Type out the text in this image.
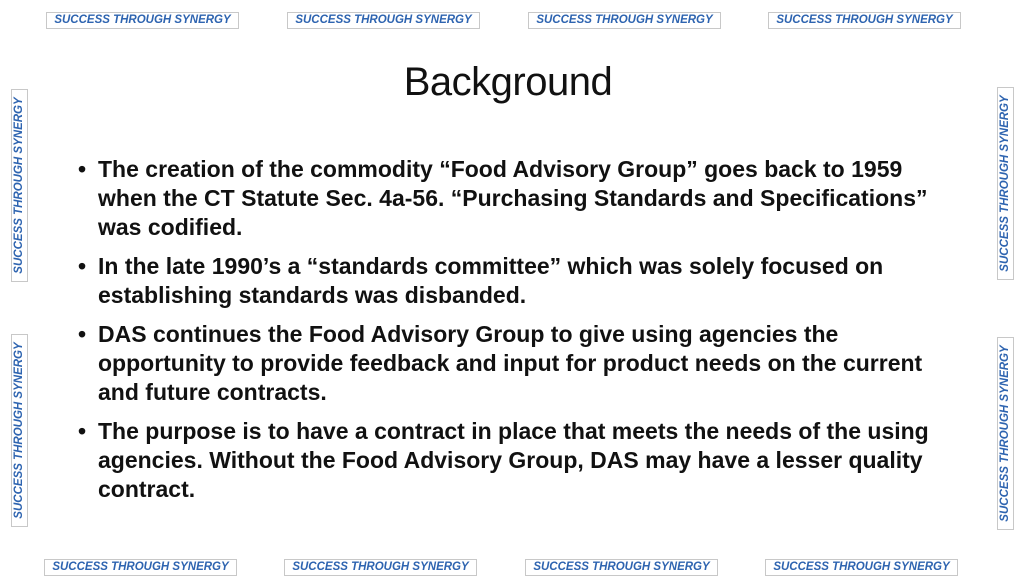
SUCCESS THROUGH SYNERGY	SUCCESS THROUGH SYNERGY	SUCCESS THROUGH SYNERGY	SUCCESS THROUGH SYNERGY
SUCCESS THROUGH SYNERGY	SUCCESS THROUGH SYNERGY	SUCCESS THROUGH SYNERGY	SUCCESS THROUGH SYNERGY
SUCCESS THROUGH SYNERGY
SUCCESS THROUGH SYNERGY
SUCCESS THROUGH SYNERGY
SUCCESS THROUGH SYNERGY
Background
• The creation of the commodity “Food Advisory Group” goes back to 1959 when the CT Statute Sec. 4a-56. “Purchasing Standards and Specifications” was codified.
• In the late 1990’s a “standards committee” which was solely focused on establishing standards was disbanded.
• DAS continues the Food Advisory Group to give using agencies the opportunity to provide feedback and input for product needs on the current and future contracts.
• The purpose is to have a contract in place that meets the needs of the using agencies. Without the Food Advisory Group, DAS may have a lesser quality contract.
